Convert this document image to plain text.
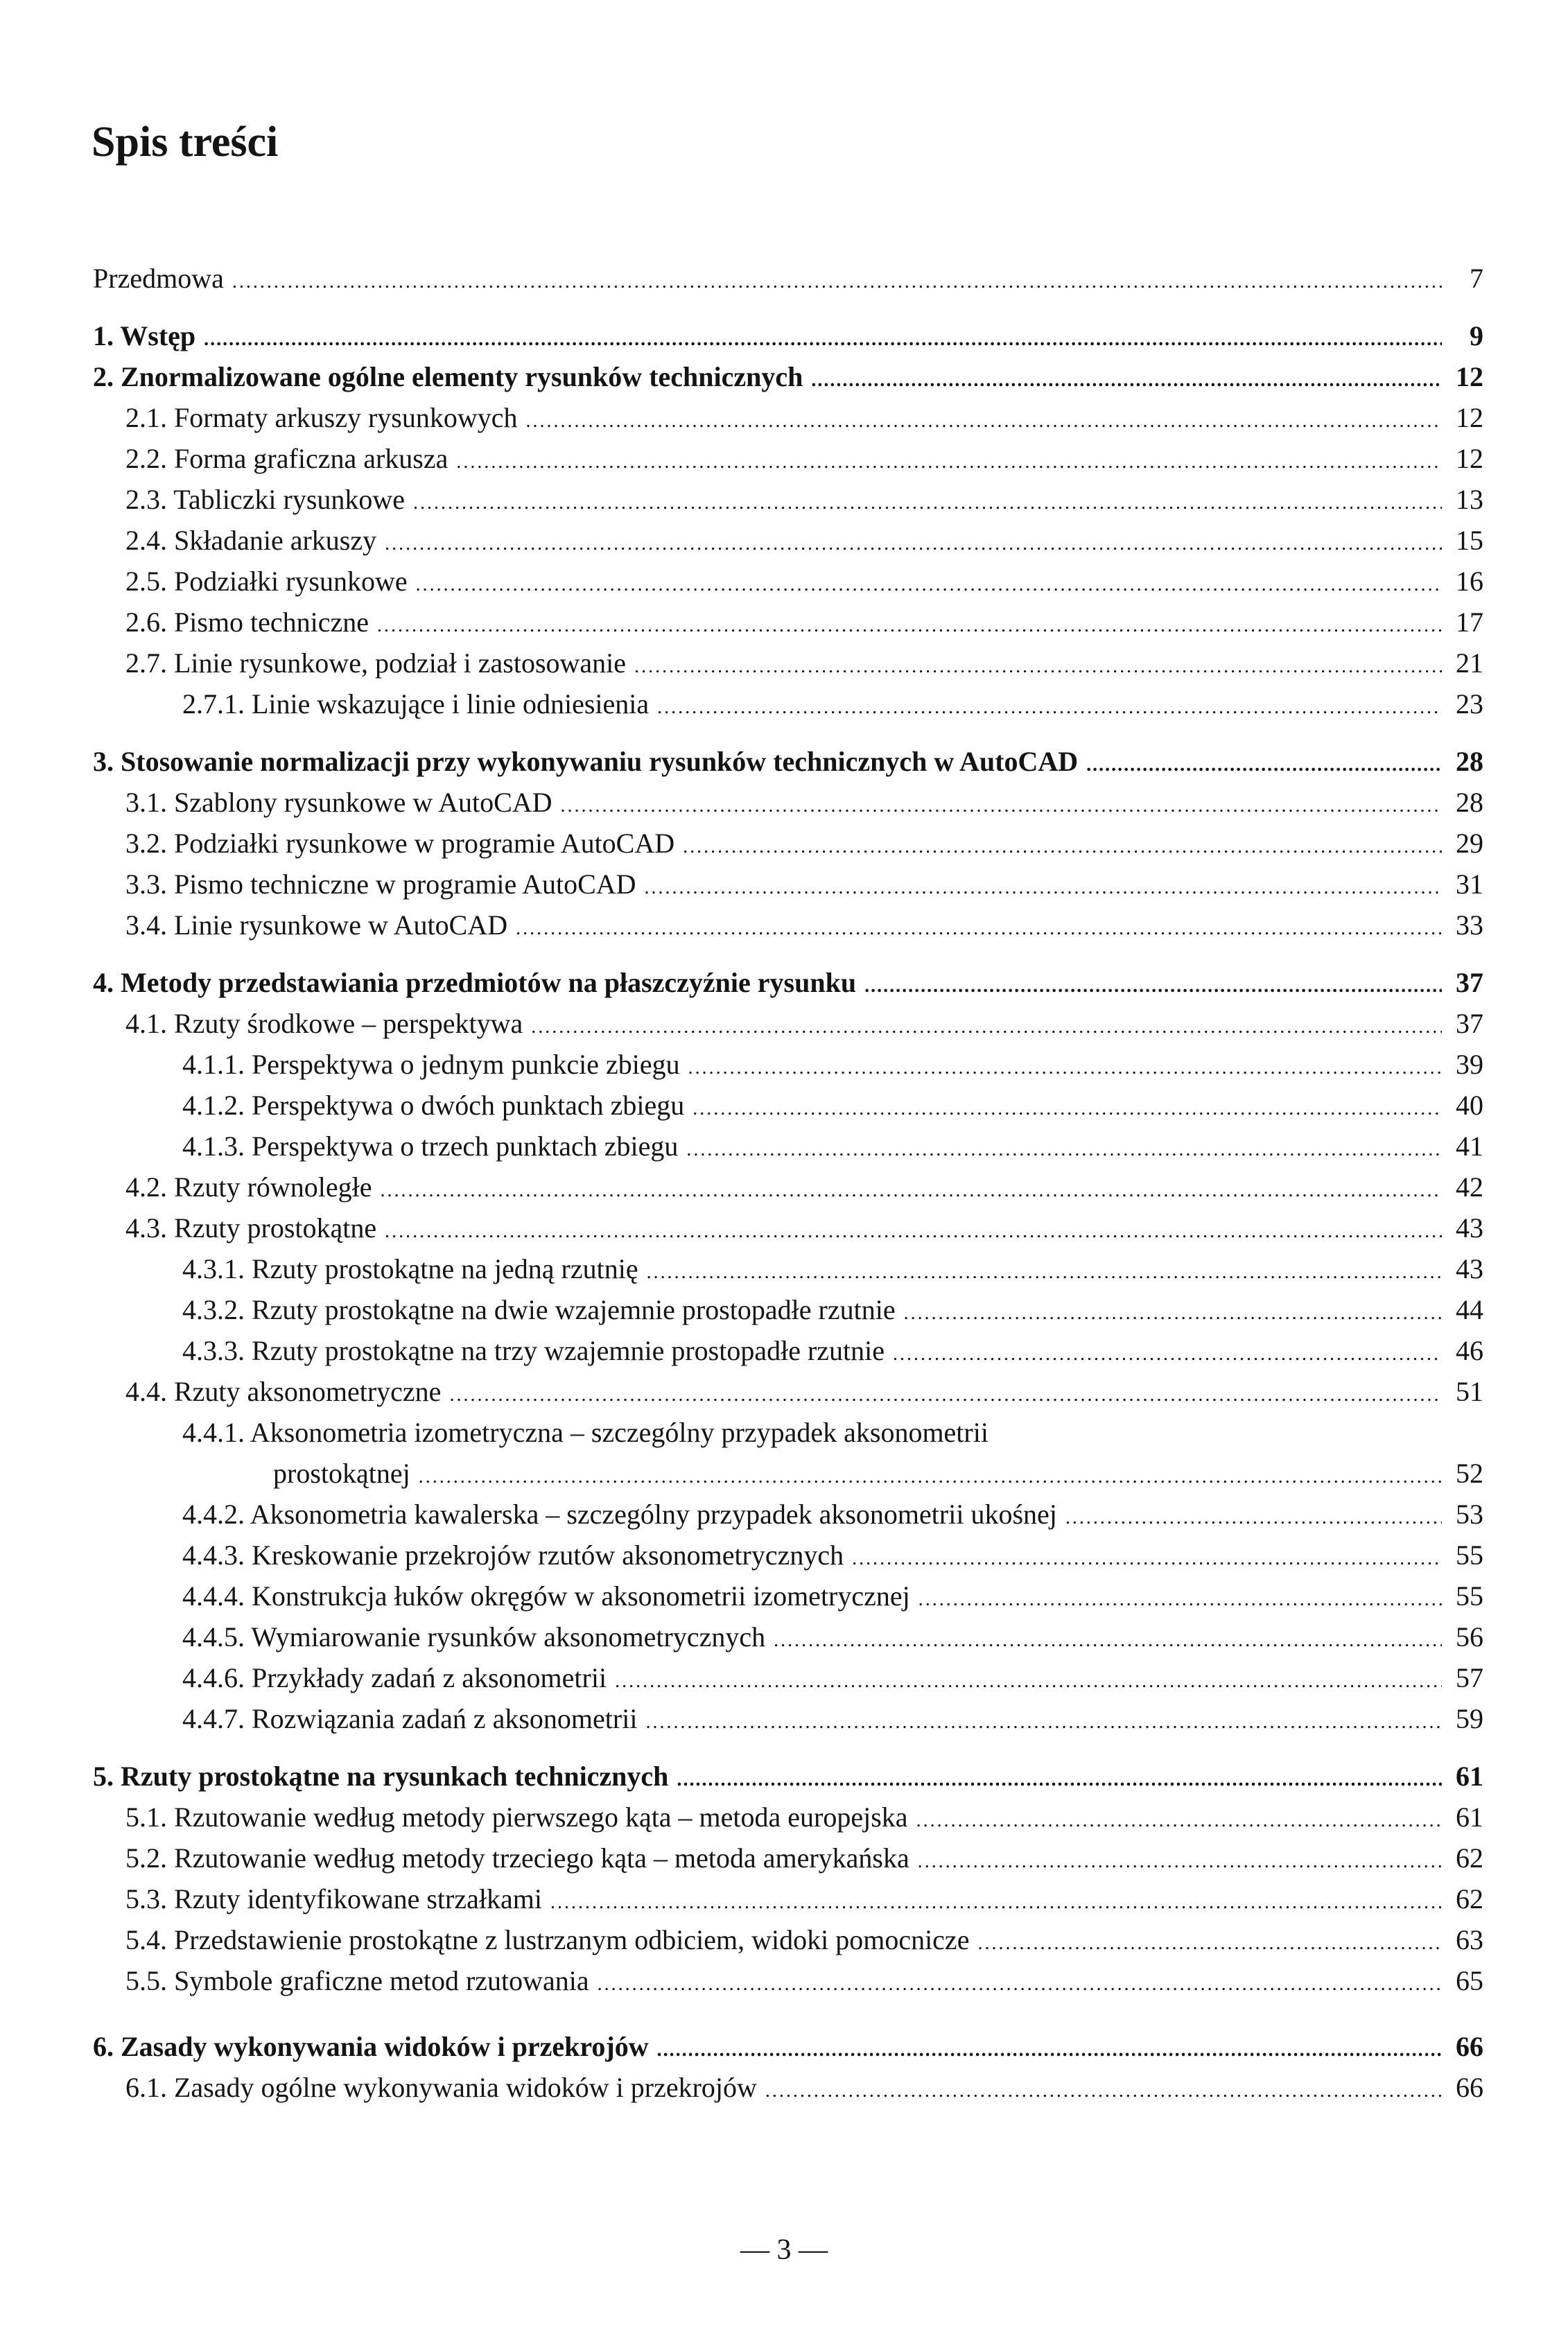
Spis treści
Przedmowa .....	7
1. Wstęp .....	9
2. Znormalizowane ogólne elementy rysunków technicznych .....	12
2.1. Formaty arkuszy rysunkowych .....	12
2.2. Forma graficzna arkusza .....	12
2.3. Tabliczki rysunkowe .....	13
2.4. Składanie arkuszy .....	15
2.5. Podziałki rysunkowe .....	16
2.6. Pismo techniczne .....	17
2.7. Linie rysunkowe, podział i zastosowanie .....	21
2.7.1. Linie wskazujące i linie odniesienia .....	23
3. Stosowanie normalizacji przy wykonywaniu rysunków technicznych w AutoCAD .....	28
3.1. Szablony rysunkowe w AutoCAD .....	28
3.2. Podziałki rysunkowe w programie AutoCAD .....	29
3.3. Pismo techniczne w programie AutoCAD .....	31
3.4. Linie rysunkowe w AutoCAD .....	33
4. Metody przedstawiania przedmiotów na płaszczyźnie rysunku .....	37
4.1. Rzuty środkowe – perspektywa .....	37
4.1.1. Perspektywa o jednym punkcie zbiegu .....	39
4.1.2. Perspektywa o dwóch punktach zbiegu .....	40
4.1.3. Perspektywa o trzech punktach zbiegu .....	41
4.2. Rzuty równoległe .....	42
4.3. Rzuty prostokątne .....	43
4.3.1. Rzuty prostokątne na jedną rzutnię .....	43
4.3.2. Rzuty prostokątne na dwie wzajemnie prostopadłe rzutnie .....	44
4.3.3. Rzuty prostokątne na trzy wzajemnie prostopadłe rzutnie .....	46
4.4. Rzuty aksonometryczne .....	51
4.4.1. Aksonometria izometryczna – szczególny przypadek aksonometrii
prostokątnej .....	52
4.4.2. Aksonometria kawalerska – szczególny przypadek aksonometrii ukośnej .....	53
4.4.3. Kreskowanie przekrojów rzutów aksonometrycznych .....	55
4.4.4. Konstrukcja łuków okręgów w aksonometrii izometrycznej .....	55
4.4.5. Wymiarowanie rysunków aksonometrycznych .....	56
4.4.6. Przykłady zadań z aksonometrii .....	57
4.4.7. Rozwiązania zadań z aksonometrii .....	59
5. Rzuty prostokątne na rysunkach technicznych .....	61
5.1. Rzutowanie według metody pierwszego kąta – metoda europejska .....	61
5.2. Rzutowanie według metody trzeciego kąta – metoda amerykańska .....	62
5.3. Rzuty identyfikowane strzałkami .....	62
5.4. Przedstawienie prostokątne z lustrzanym odbiciem, widoki pomocnicze .....	63
5.5. Symbole graficzne metod rzutowania .....	65
6. Zasady wykonywania widoków i przekrojów .....	66
6.1. Zasady ogólne wykonywania widoków i przekrojów .....	66
— 3 —
